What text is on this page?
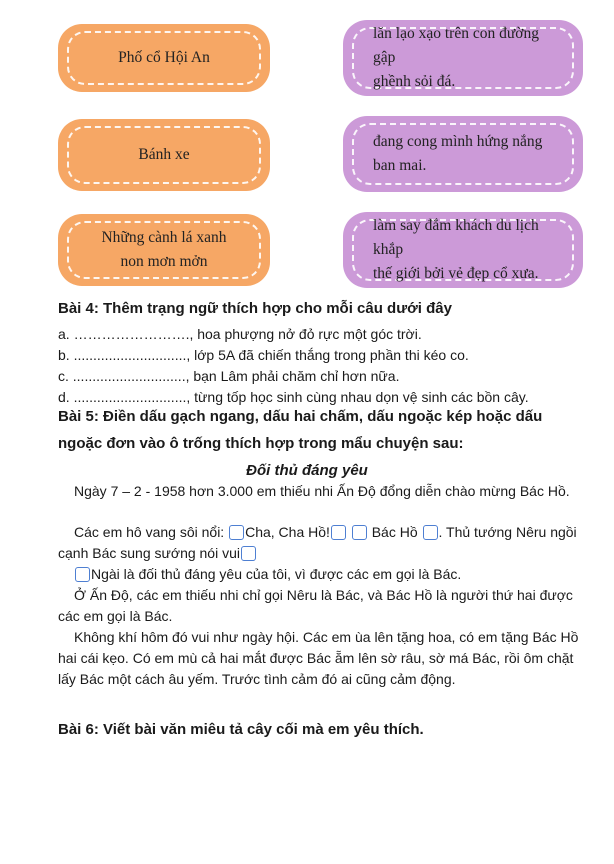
Phố cổ Hội An
Bánh xe
Những cành lá xanh
non mơn mởn
lăn lạo xạo trên con đường gập
ghềnh sỏi đá.
đang cong mình hứng nắng
ban mai.
làm say đắm khách du lịch khắp
thế giới bởi vẻ đẹp cổ xưa.
Bài 4: Thêm trạng ngữ thích hợp cho mỗi câu dưới đây
a. ……………………., hoa phượng nở đỏ rực một góc trời.
b. ............................., lớp 5A đã chiến thắng trong phần thi kéo co.
c. ............................., bạn Lâm phải chăm chỉ hơn nữa.
d. ............................., từng tốp học sinh cùng nhau dọn vệ sinh các bồn cây.
Bài 5: Điền dấu gạch ngang, dấu hai chấm, dấu ngoặc kép hoặc dấu
ngoặc đơn vào ô trống thích hợp trong mẩu chuyện sau:
Đối thủ đáng yêu
Ngày 7 – 2 - 1958 hơn 3.000 em thiếu nhi Ấn Độ đổng diễn chào mừng Bác Hồ.
Các em hô vang sôi nổi: Cha, Cha Hồ!	Bác Hồ . Thủ tướng Nêru ngồi cạnh Bác sung sướng nói vui
Ngài là đối thủ đáng yêu của tôi, vì được các em gọi là Bác.
Ở Ấn Độ, các em thiếu nhi chỉ gọi Nêru là Bác, và Bác Hồ là người thứ hai được các em gọi là Bác.
Không khí hôm đó vui như ngày hội. Các em ùa lên tặng hoa, có em tặng Bác Hồ hai cái kẹo. Có em mù cả hai mắt được Bác ẵm lên sờ râu, sờ má Bác, rồi ôm chặt lấy Bác một cách âu yếm. Trước tình cảm đó ai cũng cảm động.
Bài 6: Viết bài văn miêu tả cây cối mà em yêu thích.
